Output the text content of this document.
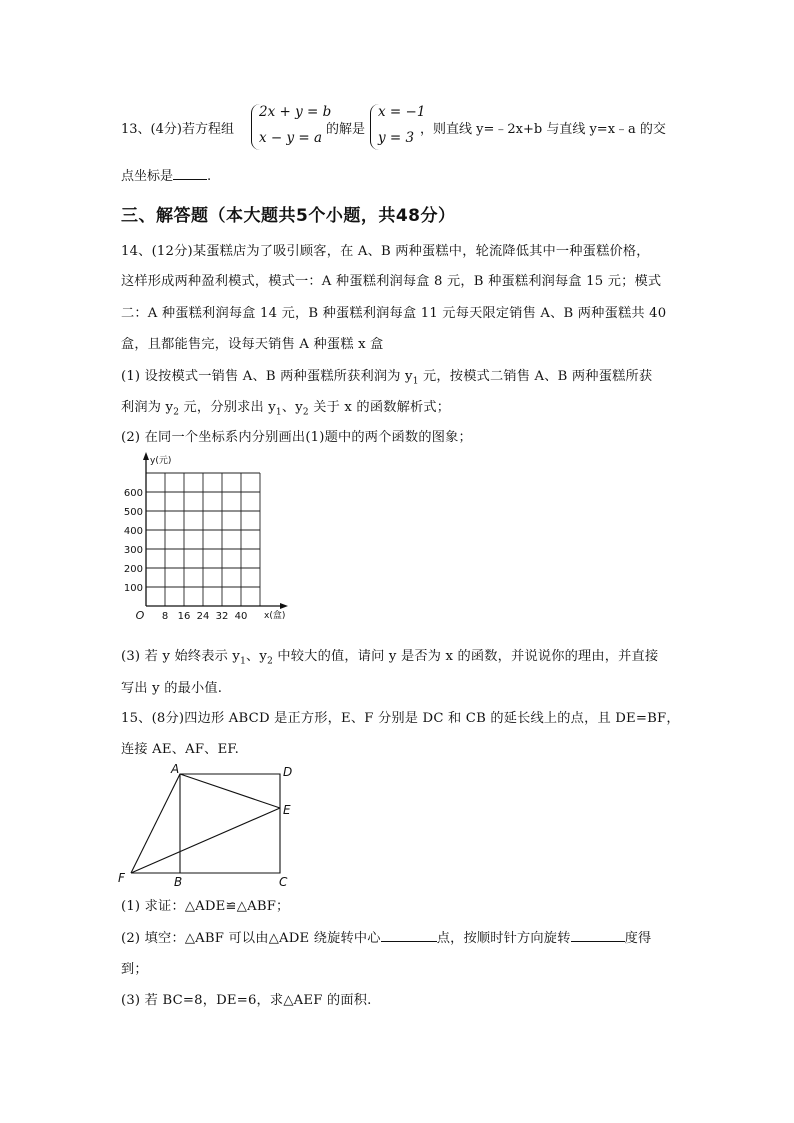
13、(4分)若方程组
2x + y = b
x − y = a
的解是
x = −1
y = 3
，则直线 y=﹣2x+b 与直线 y=x﹣a 的交
点坐标是	.
三、解答题（本大题共5个小题，共48分）
14、(12分)某蛋糕店为了吸引顾客，在 A、B 两种蛋糕中，轮流降低其中一种蛋糕价格，
这样形成两种盈利模式，模式一：A 种蛋糕利润每盒 8 元，B 种蛋糕利润每盒 15 元；模式
二：A 种蛋糕利润每盒 14 元，B 种蛋糕利润每盒 11 元每天限定销售 A、B 两种蛋糕共 40
盒，且都能售完，设每天销售 A 种蛋糕 x 盒
(1) 设按模式一销售 A、B 两种蛋糕所获利润为 $y_1$ 元，按模式二销售 A、B 两种蛋糕所获
利润为 $y_2$ 元，分别求出 $y_1$、$y_2$ 关于 x 的函数解析式；
(2) 在同一个坐标系内分别画出(1)题中的两个函数的图象；
100
200
300
400
500
600
8 16 24 32 40
O
y(元)
x(盒)
(3) 若 y 始终表示 $y_1$、$y_2$ 中较大的值，请问 y 是否为 x 的函数，并说说你的理由，并直接
写出 y 的最小值.
15、(8分)四边形 ABCD 是正方形，E、F 分别是 DC 和 CB 的延长线上的点，且 DE=BF，
连接 AE、AF、EF.
A
B	C
D
E
F
(1) 求证：△ADE≌△ABF；
(2) 填空：△ABF 可以由△ADE 绕旋转中心	点，按顺时针方向旋转	度得
到；
(3) 若 BC=8，DE=6，求△AEF 的面积.
